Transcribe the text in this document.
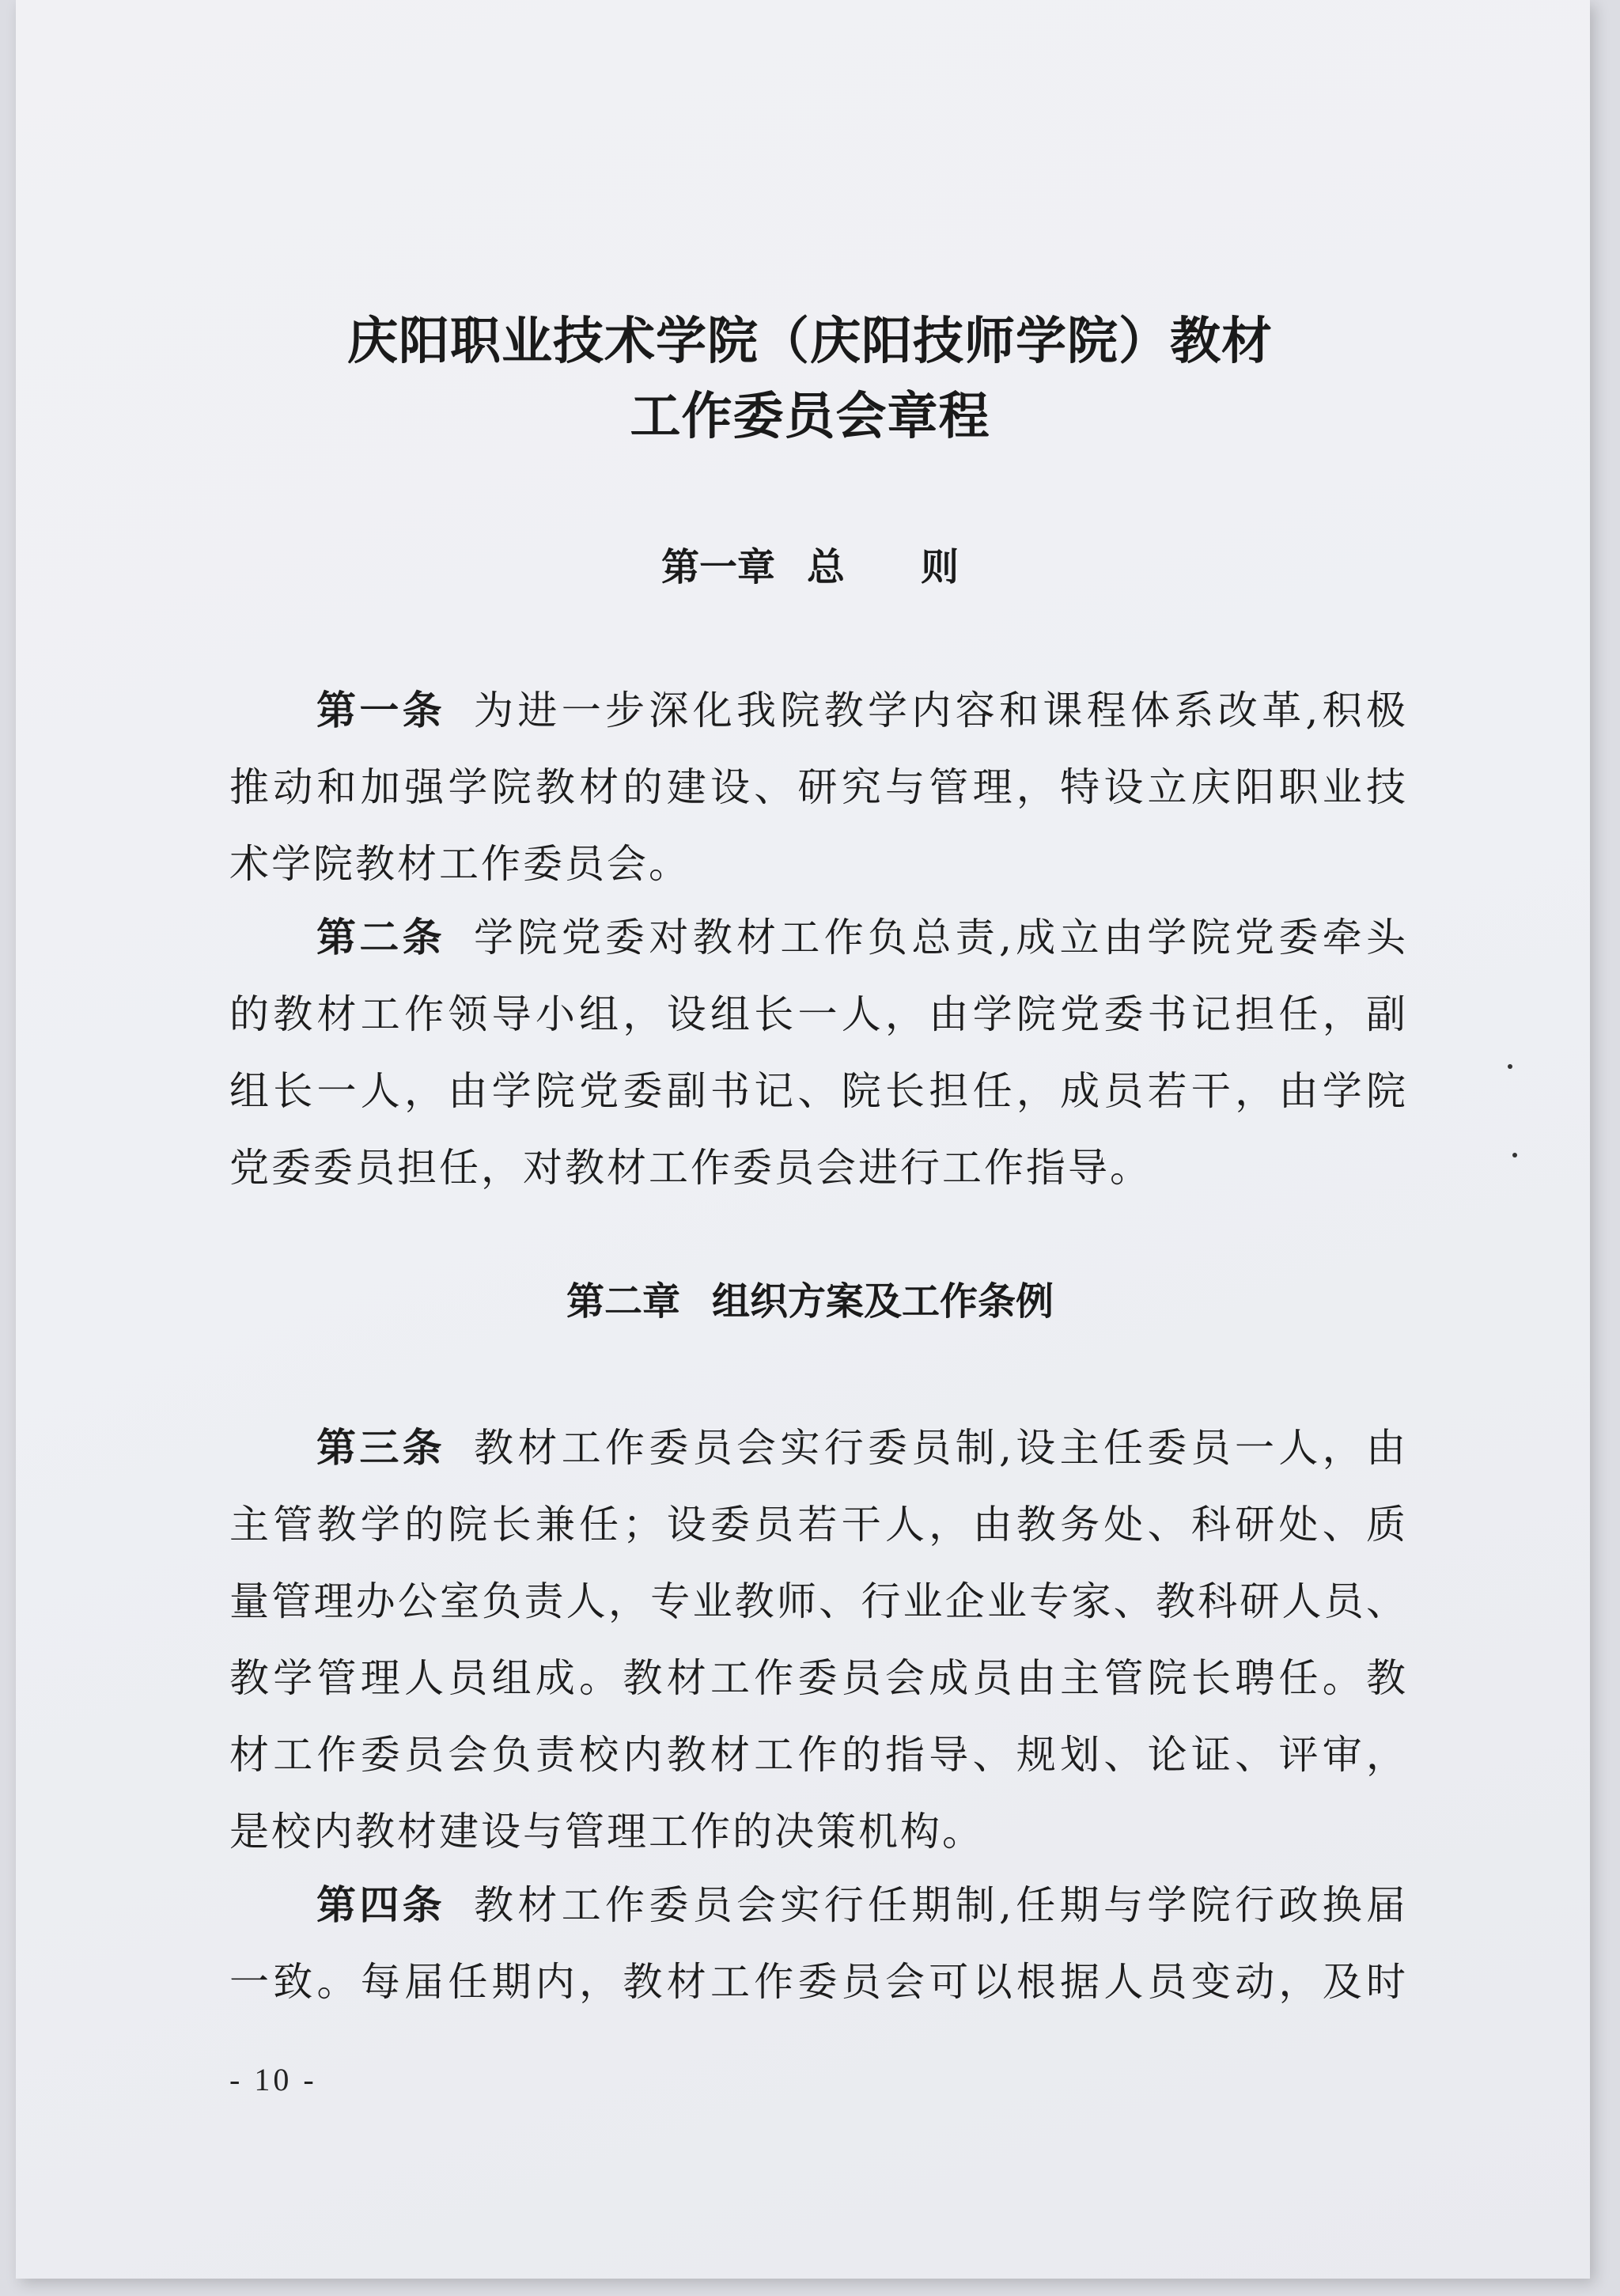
庆阳职业技术学院（庆阳技师学院）教材
工作委员会章程
第一章 总　　则
第一条 为进一步深化我院教学内容和课程体系改革,积极
推动和加强学院教材的建设、研究与管理，特设立庆阳职业技
术学院教材工作委员会。
第二条 学院党委对教材工作负总责,成立由学院党委牵头
的教材工作领导小组，设组长一人，由学院党委书记担任，副
组长一人，由学院党委副书记、院长担任，成员若干，由学院
党委委员担任，对教材工作委员会进行工作指导。
第二章 组织方案及工作条例
第三条 教材工作委员会实行委员制,设主任委员一人，由
主管教学的院长兼任；设委员若干人，由教务处、科研处、质
量管理办公室负责人，专业教师、行业企业专家、教科研人员、
教学管理人员组成。教材工作委员会成员由主管院长聘任。教
材工作委员会负责校内教材工作的指导、规划、论证、评审，
是校内教材建设与管理工作的决策机构。
第四条 教材工作委员会实行任期制,任期与学院行政换届
一致。每届任期内，教材工作委员会可以根据人员变动，及时
- 10 -
